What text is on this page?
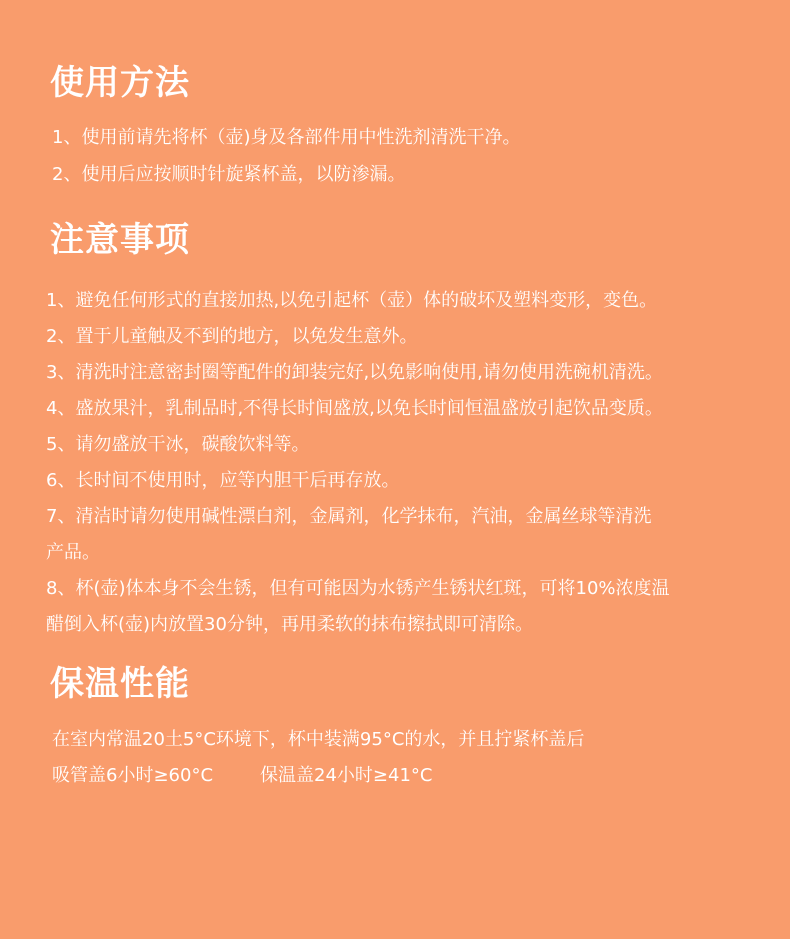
使用方法

1、使用前请先将杯（壶)身及各部件用中性洗剂清洗干净。

2、使用后应按顺时针旋紧杯盖，以防渗漏。

注意事项

1、避免任何形式的直接加热,以免引起杯（壶）体的破坏及塑料变形，变色。

2、置于儿童触及不到的地方，以免发生意外。

3、清洗时注意密封圈等配件的卸装完好,以免影响使用,请勿使用洗碗机清洗。

4、盛放果汁，乳制品时,不得长时间盛放,以免长时间恒温盛放引起饮品变质。

5、请勿盛放干冰，碳酸饮料等。

6、长时间不使用时，应等内胆干后再存放。

7、清洁时请勿使用碱性漂白剂，金属剂，化学抹布，汽油，金属丝球等清洗

产品。

8、杯(壶)体本身不会生锈，但有可能因为水锈产生锈状红斑，可将10%浓度温

醋倒入杯(壶)内放置30分钟，再用柔软的抹布擦拭即可清除。

保温性能

在室内常温20土5°C环境下，杯中装满95°C的水，并且拧紧杯盖后

吸管盖6小时≥60°C	保温盖24小时≥41°C
